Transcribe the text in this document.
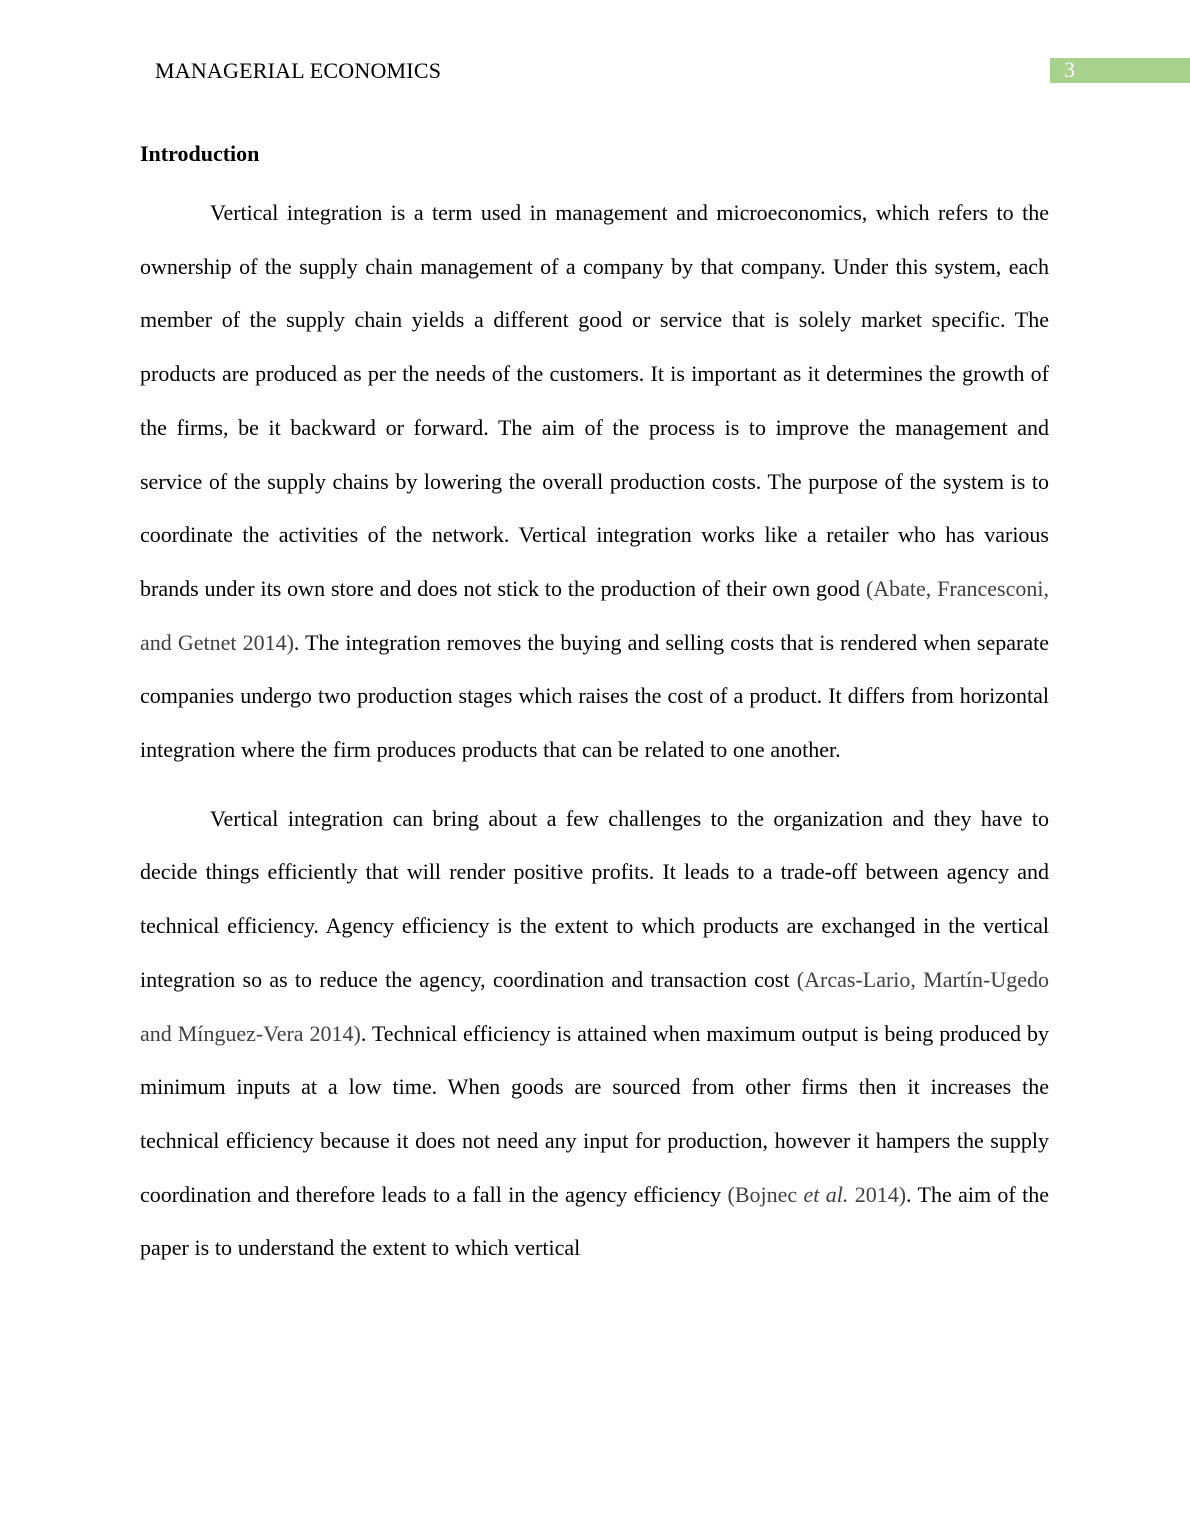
MANAGERIAL ECONOMICS	3
Introduction

Vertical integration is a term used in management and microeconomics, which refers to the ownership of the supply chain management of a company by that company. Under this system, each member of the supply chain yields a different good or service that is solely market specific. The products are produced as per the needs of the customers. It is important as it determines the growth of the firms, be it backward or forward. The aim of the process is to improve the management and service of the supply chains by lowering the overall production costs. The purpose of the system is to coordinate the activities of the network. Vertical integration works like a retailer who has various brands under its own store and does not stick to the production of their own good (Abate, Francesconi, and Getnet 2014). The integration removes the buying and selling costs that is rendered when separate companies undergo two production stages which raises the cost of a product. It differs from horizontal integration where the firm produces products that can be related to one another.

Vertical integration can bring about a few challenges to the organization and they have to decide things efficiently that will render positive profits. It leads to a trade-off between agency and technical efficiency. Agency efficiency is the extent to which products are exchanged in the vertical integration so as to reduce the agency, coordination and transaction cost (Arcas-Lario, Martín-Ugedo and Mínguez-Vera 2014). Technical efficiency is attained when maximum output is being produced by minimum inputs at a low time. When goods are sourced from other firms then it increases the technical efficiency because it does not need any input for production, however it hampers the supply coordination and therefore leads to a fall in the agency efficiency (Bojnec et al. 2014). The aim of the paper is to understand the extent to which vertical
